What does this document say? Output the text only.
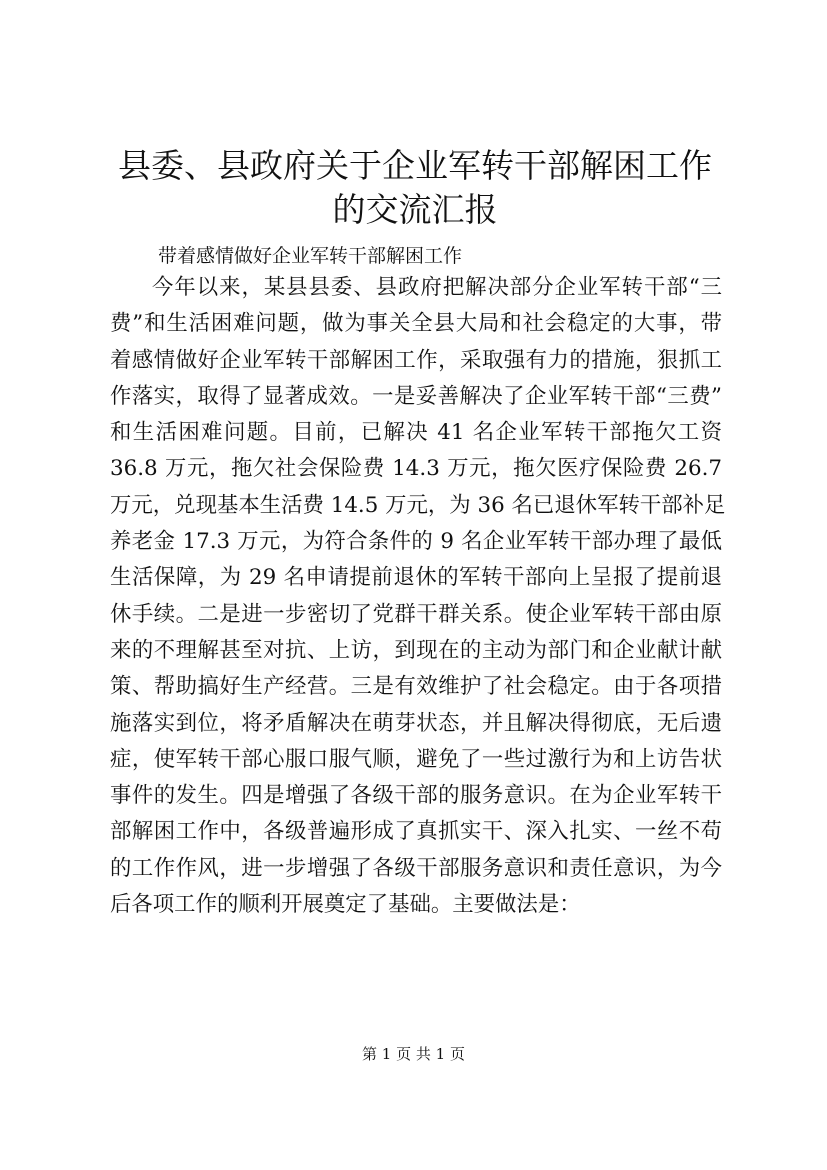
县委、县政府关于企业军转干部解困工作的交流汇报
带着感情做好企业军转干部解困工作
今年以来，某县县委、县政府把解决部分企业军转干部“三
费”和生活困难问题，做为事关全县大局和社会稳定的大事，带
着感情做好企业军转干部解困工作，采取强有力的措施，狠抓工
作落实，取得了显著成效。一是妥善解决了企业军转干部“三费”
和生活困难问题。目前，已解决 41 名企业军转干部拖欠工资
36.8 万元，拖欠社会保险费 14.3 万元，拖欠医疗保险费 26.7
万元，兑现基本生活费 14.5 万元，为 36 名已退休军转干部补足
养老金 17.3 万元，为符合条件的 9 名企业军转干部办理了最低
生活保障，为 29 名申请提前退休的军转干部向上呈报了提前退
休手续。二是进一步密切了党群干群关系。使企业军转干部由原
来的不理解甚至对抗、上访，到现在的主动为部门和企业献计献
策、帮助搞好生产经营。三是有效维护了社会稳定。由于各项措
施落实到位，将矛盾解决在萌芽状态，并且解决得彻底，无后遗
症，使军转干部心服口服气顺，避免了一些过激行为和上访告状
事件的发生。四是增强了各级干部的服务意识。在为企业军转干
部解困工作中，各级普遍形成了真抓实干、深入扎实、一丝不苟
的工作作风，进一步增强了各级干部服务意识和责任意识，为今
后各项工作的顺利开展奠定了基础。主要做法是：
第 1 页 共 1 页
